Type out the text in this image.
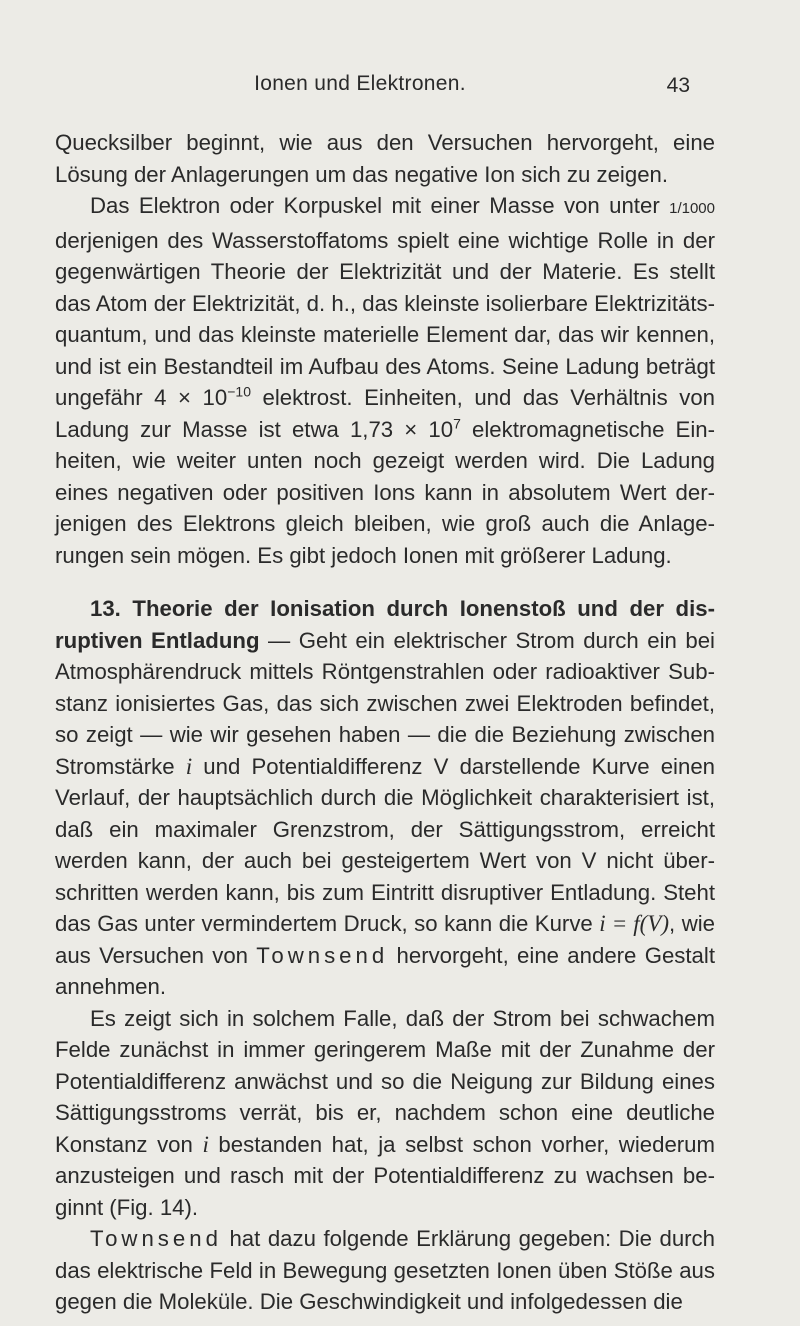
Ionen und Elektronen.	43

Quecksilber beginnt, wie aus den Versuchen hervorgeht, eine Lösung der Anlagerungen um das negative Ion sich zu zeigen.

Das Elektron oder Korpuskel mit einer Masse von unter 1/1000 derjenigen des Wasserstoffatoms spielt eine wichtige Rolle in der gegenwärtigen Theorie der Elektrizität und der Materie. Es stellt das Atom der Elektrizität, d. h., das kleinste isolierbare Elektrizitäts-quantum, und das kleinste materielle Element dar, das wir kennen, und ist ein Bestandteil im Aufbau des Atoms. Seine Ladung beträgt ungefähr $4 \times 10^{-10}$ elektrost. Einheiten, und das Verhältnis von Ladung zur Masse ist etwa $1,73 \times 10^7$ elektromagnetische Ein-heiten, wie weiter unten noch gezeigt werden wird. Die Ladung eines negativen oder positiven Ions kann in absolutem Wert der-jenigen des Elektrons gleich bleiben, wie groß auch die Anlage-rungen sein mögen. Es gibt jedoch Ionen mit größerer Ladung.

13. Theorie der Ionisation durch Ionenstoß und der dis-ruptiven Entladung — Geht ein elektrischer Strom durch ein bei Atmosphärendruck mittels Röntgenstrahlen oder radioaktiver Sub-stanz ionisiertes Gas, das sich zwischen zwei Elektroden befindet, so zeigt — wie wir gesehen haben — die die Beziehung zwischen Stromstärke i und Potentialdifferenz V darstellende Kurve einen Verlauf, der hauptsächlich durch die Möglichkeit charakterisiert ist, daß ein maximaler Grenzstrom, der Sättigungsstrom, erreicht werden kann, der auch bei gesteigertem Wert von V nicht über-schritten werden kann, bis zum Eintritt disruptiver Entladung. Steht das Gas unter vermindertem Druck, so kann die Kurve i = f(V), wie aus Versuchen von Townsend hervorgeht, eine andere Gestalt annehmen.

Es zeigt sich in solchem Falle, daß der Strom bei schwachem Felde zunächst in immer geringerem Maße mit der Zunahme der Potentialdifferenz anwächst und so die Neigung zur Bildung eines Sättigungsstroms verrät, bis er, nachdem schon eine deutliche Konstanz von i bestanden hat, ja selbst schon vorher, wiederum anzusteigen und rasch mit der Potentialdifferenz zu wachsen be-ginnt (Fig. 14).

Townsend hat dazu folgende Erklärung gegeben: Die durch das elektrische Feld in Bewegung gesetzten Ionen üben Stöße aus gegen die Moleküle. Die Geschwindigkeit und infolgedessen die
